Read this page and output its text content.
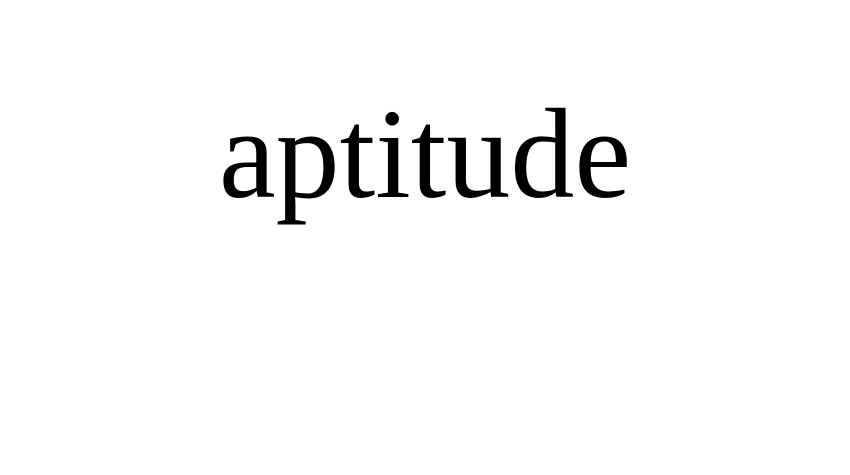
aptitude
